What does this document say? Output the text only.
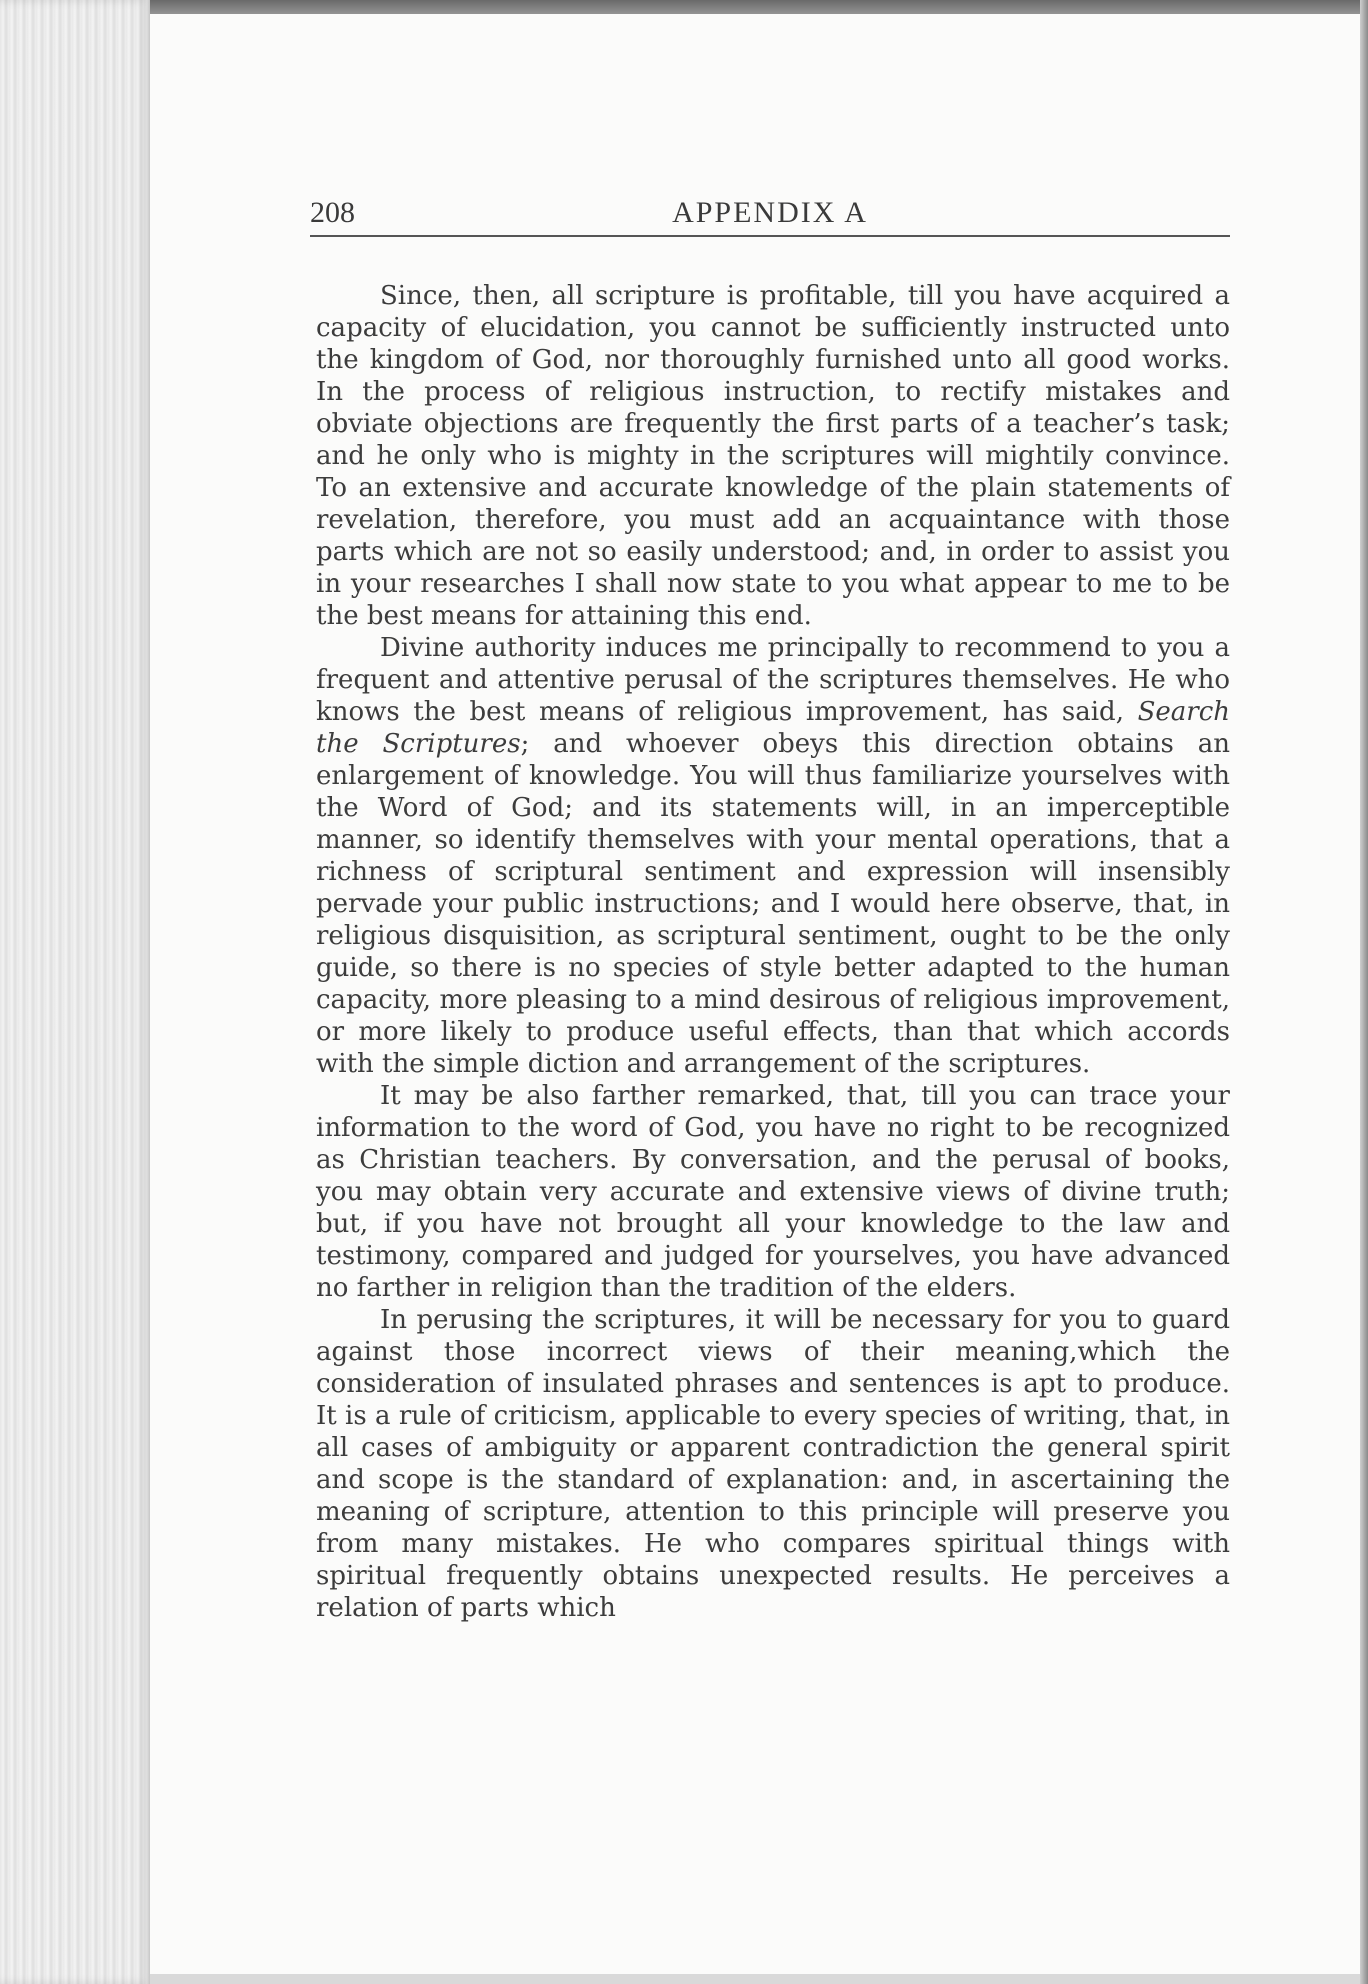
208	APPENDIX A

Since, then, all scripture is profitable, till you have acquired a capacity of elucidation, you cannot be sufficiently instructed unto the kingdom of God, nor thoroughly furnished unto all good works. In the process of religious instruction, to rectify mistakes and obviate objections are frequently the first parts of a teacher’s task; and he only who is mighty in the scriptures will mightily convince. To an extensive and accurate knowledge of the plain statements of revelation, therefore, you must add an acquaintance with those parts which are not so easily understood; and, in order to assist you in your researches I shall now state to you what appear to me to be the best means for attaining this end.

Divine authority induces me principally to recommend to you a frequent and attentive perusal of the scriptures themselves. He who knows the best means of religious improvement, has said, Search the Scriptures; and whoever obeys this direction obtains an enlargement of knowledge. You will thus familiarize yourselves with the Word of God; and its statements will, in an imperceptible manner, so identify themselves with your mental operations, that a richness of scriptural sentiment and expression will insensibly pervade your public instructions; and I would here observe, that, in religious disquisition, as scriptural sentiment, ought to be the only guide, so there is no species of style better adapted to the human capacity, more pleasing to a mind desirous of religious improvement, or more likely to produce useful effects, than that which accords with the simple diction and arrangement of the scriptures.

It may be also farther remarked, that, till you can trace your information to the word of God, you have no right to be recognized as Christian teachers. By conversation, and the perusal of books, you may obtain very accurate and extensive views of divine truth; but, if you have not brought all your knowledge to the law and testimony, compared and judged for yourselves, you have advanced no farther in religion than the tradition of the elders.

In perusing the scriptures, it will be necessary for you to guard against those incorrect views of their meaning,which the consideration of insulated phrases and sentences is apt to produce. It is a rule of criticism, applicable to every species of writing, that, in all cases of ambiguity or apparent contradiction the general spirit and scope is the standard of explanation: and, in ascertaining the meaning of scripture, attention to this principle will preserve you from many mistakes. He who compares spiritual things with spiritual frequently obtains unexpected results. He perceives a relation of parts which
